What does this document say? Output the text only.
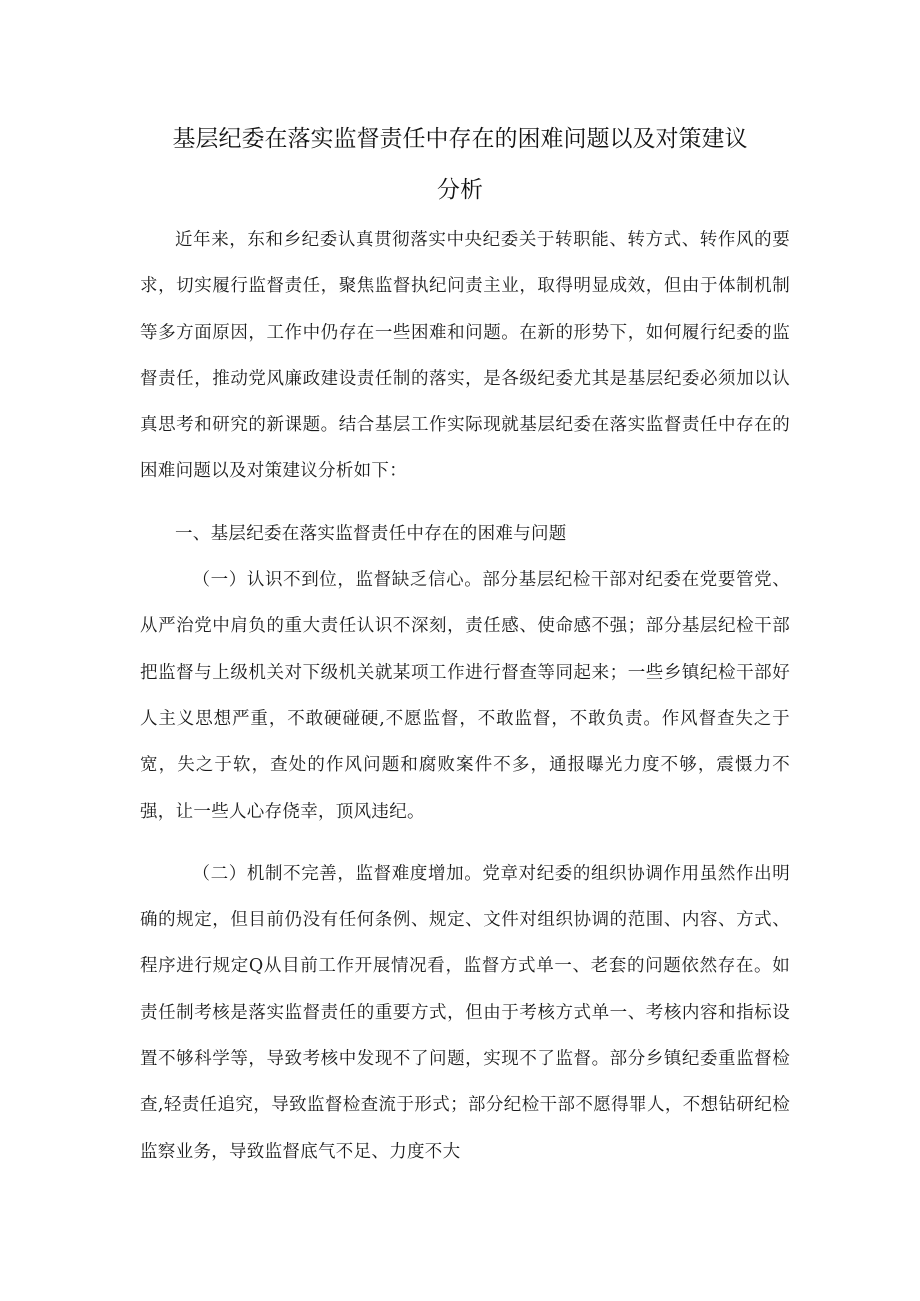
基层纪委在落实监督责任中存在的困难问题以及对策建议
分析

近年来，东和乡纪委认真贯彻落实中央纪委关于转职能、转方式、转作风的要求，切实履行监督责任，聚焦监督执纪问责主业，取得明显成效，但由于体制机制等多方面原因，工作中仍存在一些困难和问题。在新的形势下，如何履行纪委的监督责任，推动党风廉政建设责任制的落实，是各级纪委尤其是基层纪委必须加以认真思考和研究的新课题。结合基层工作实际现就基层纪委在落实监督责任中存在的困难问题以及对策建议分析如下：

一、基层纪委在落实监督责任中存在的困难与问题

（一）认识不到位，监督缺乏信心。部分基层纪检干部对纪委在党要管党、从严治党中肩负的重大责任认识不深刻，责任感、使命感不强；部分基层纪检干部把监督与上级机关对下级机关就某项工作进行督查等同起来；一些乡镇纪检干部好人主义思想严重，不敢硬碰硬,不愿监督，不敢监督，不敢负责。作风督查失之于宽，失之于软，查处的作风问题和腐败案件不多，通报曝光力度不够，震慑力不强，让一些人心存侥幸，顶风违纪。

（二）机制不完善，监督难度增加。党章对纪委的组织协调作用虽然作出明确的规定，但目前仍没有任何条例、规定、文件对组织协调的范围、内容、方式、程序进行规定Q从目前工作开展情况看，监督方式单一、老套的问题依然存在。如责任制考核是落实监督责任的重要方式，但由于考核方式单一、考核内容和指标设置不够科学等，导致考核中发现不了问题，实现不了监督。部分乡镇纪委重监督检查,轻责任追究，导致监督检查流于形式；部分纪检干部不愿得罪人，不想钻研纪检监察业务，导致监督底气不足、力度不大
